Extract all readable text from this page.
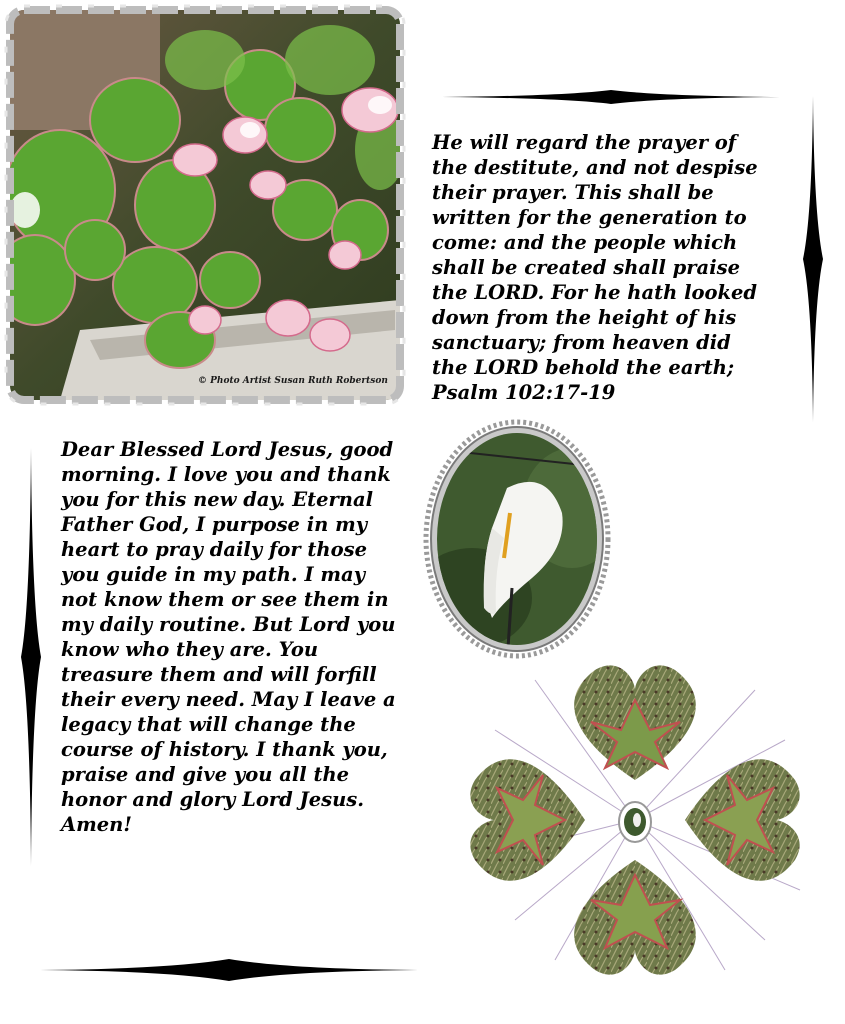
© Photo Artist Susan Ruth Robertson

He will regard the prayer of
the destitute, and not despise
their prayer. This shall be
written for the generation to
come: and the people which
shall be created shall praise
the LORD. For he hath looked
down from the height of his
sanctuary; from heaven did
the LORD behold the earth;
Psalm 102:17-19

Dear Blessed Lord Jesus, good
morning. I love you and thank
you for this new day. Eternal
Father God, I purpose in my
heart to pray daily for those
you guide in my path. I may
not know them or see them in
my daily routine. But Lord you
know who they are. You
treasure them and will forfill
their every need. May I leave a
legacy that will change the
course of history. I thank you,
praise and give you all the
honor and glory Lord Jesus.
Amen!
